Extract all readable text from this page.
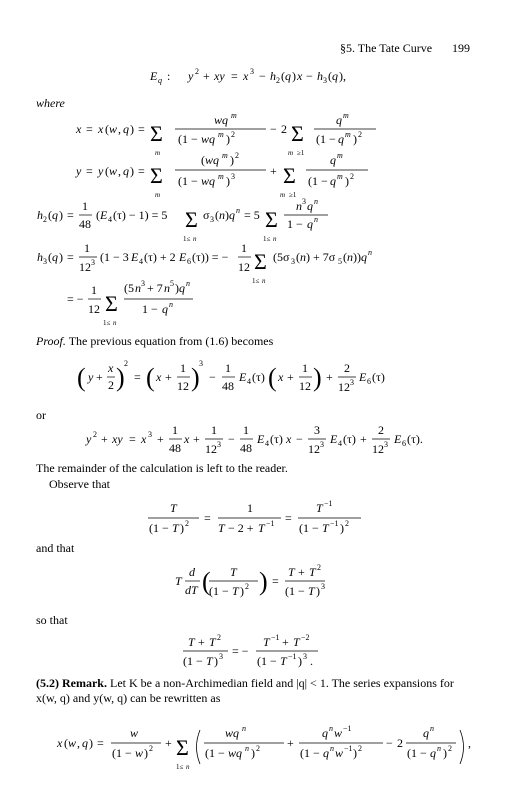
§5. The Tate Curve 199
E q : y 2 + xy = x 3 − h 2 ( q ) x − h 3 ( q ),
where
x = x ( w , q ) = Σ
m
wq m
(1 − wq m ) 2	− 2 Σ
m ≥1
q m
(1 − q m ) 2
y = y ( w , q ) = Σ
m
( wq m ) 2
(1 − wq m ) 3	+ Σ
m ≥1
q m
(1 − q m ) 2
h 2 ( q ) =
1
48
( E 4 (τ) − 1) = 5 Σ
1≤ n
σ 3 ( n ) q n = 5 Σ
1≤ n
n 3 q n
1 − q n
h 3 ( q ) =
1
12 3 (1 − 3 E 4 (τ) + 2 E 6 (τ)) = −
1
12 Σ
1≤ n
(5σ 3 ( n ) + 7σ 5 ( n )) q n
= −
1
12 Σ
1≤ n
(5 n 3 + 7 n 5 ) q n
1 − q n

Proof. The previous equation from (1.6) becomes

( y +
x
2 ) 2
= ( x +
1
12 ) 3
−
1
48
E 4 (τ) ( x +
1
12 ) +
2
12 3 E 6 (τ)
or
y 2 + xy = x 3 +
1
48
x +
1
12 3 −
1
48
E 4 (τ) x −
3
12 3 E 4 (τ) +
2
12 3 E 6 (τ).
The remainder of the calculation is left to the reader.
Observe that
T
(1 − T ) 2 =
1
T − 2 + T −1 =
T −1
(1 − T −1 ) 2
and that
T
d
dT ( T
(1 − T ) 2 ) =
T + T 2
(1 − T ) 3
so that
T + T 2
(1 − T ) 3 = −
T −1 + T −2
(1 − T −1 ) 3 .

(5.2) Remark. Let K be a non-Archimedian field and |q| < 1. The series expansions for x(w, q) and y(w, q) can be rewritten as

x ( w , q ) =
w
(1 − w ) 2 + Σ
1≤ n
wq n
(1 − wq n ) 2 +
q n w −1
(1 − q n w −1 ) 2 − 2
q n
(1 − q n ) 2 ,
